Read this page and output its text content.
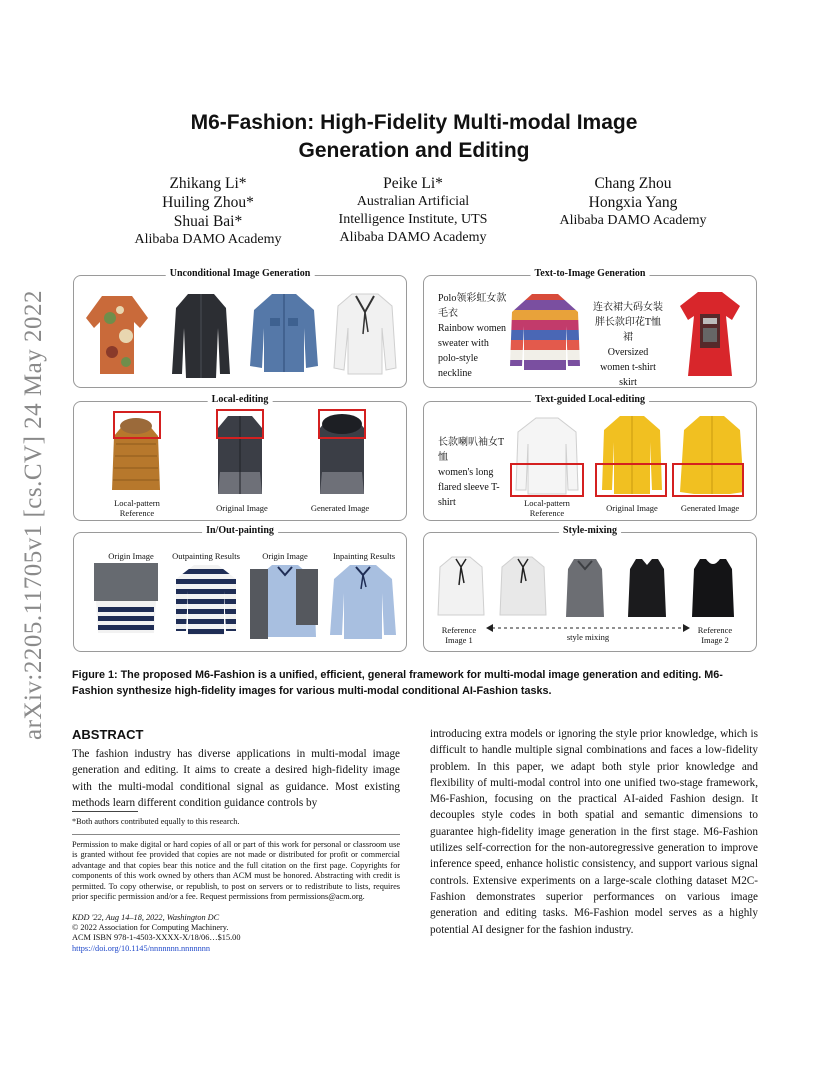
arXiv:2205.11705v1 [cs.CV] 24 May 2022
M6-Fashion: High-Fidelity Multi-modal Image Generation and Editing
Zhikang Li*
Huiling Zhou*
Shuai Bai*
Alibaba DAMO Academy
Peike Li*
Australian Artificial Intelligence Institute, UTS Alibaba DAMO Academy
Chang Zhou
Hongxia Yang
Alibaba DAMO Academy
Unconditional Image Generation	Text-to-Image Generation
Polo领彩虹女款毛衣
Rainbow women sweater with polo-style neckline
连衣裙大码女装胖长款印花T恤裙
Oversized women t-shirt skirt
Local-editing
Local-pattern Reference	Original Image	Generated Image
Text-guided Local-editing
长款喇叭袖女T恤
women's long flared sleeve T-shirt	Local-pattern Reference	Original Image	Generated Image
In/Out-painting
Origin Image	Outpainting Results	Origin Image	Inpainting Results
Style-mixing
Reference Image 1	style mixing
Reference Image 2
Figure 1: The proposed M6-Fashion is a unified, efficient, general framework for multi-modal image generation and editing. M6-Fashion synthesize high-fidelity images for various multi-modal conditional AI-Fashion tasks.
ABSTRACT
The fashion industry has diverse applications in multi-modal image generation and editing. It aims to create a desired high-fidelity image with the multi-modal conditional signal as guidance. Most existing methods learn different condition guidance controls by
introducing extra models or ignoring the style prior knowledge, which is difficult to handle multiple signal combinations and faces a low-fidelity problem. In this paper, we adapt both style prior knowledge and flexibility of multi-modal control into one unified two-stage framework, M6-Fashion, focusing on the practical AI-aided Fashion design. It decouples style codes in both spatial and semantic dimensions to guarantee high-fidelity image generation in the first stage. M6-Fashion utilizes self-correction for the non-autoregressive generation to improve inference speed, enhance holistic consistency, and support various signal controls. Extensive experiments on a large-scale clothing dataset M2C-Fashion demonstrates superior performances on various image generation and editing tasks. M6-Fashion model serves as a highly potential AI designer for the fashion industry.
*Both authors contributed equally to this research.
Permission to make digital or hard copies of all or part of this work for personal or classroom use is granted without fee provided that copies are not made or distributed for profit or commercial advantage and that copies bear this notice and the full citation on the first page. Copyrights for components of this work owned by others than ACM must be honored. Abstracting with credit is permitted. To copy otherwise, or republish, to post on servers or to redistribute to lists, requires prior specific permission and/or a fee. Request permissions from permissions@acm.org.
KDD '22, Aug 14–18, 2022, Washington DC
© 2022 Association for Computing Machinery.
ACM ISBN 978-1-4503-XXXX-X/18/06…$15.00
https://doi.org/10.1145/nnnnnnn.nnnnnnn
